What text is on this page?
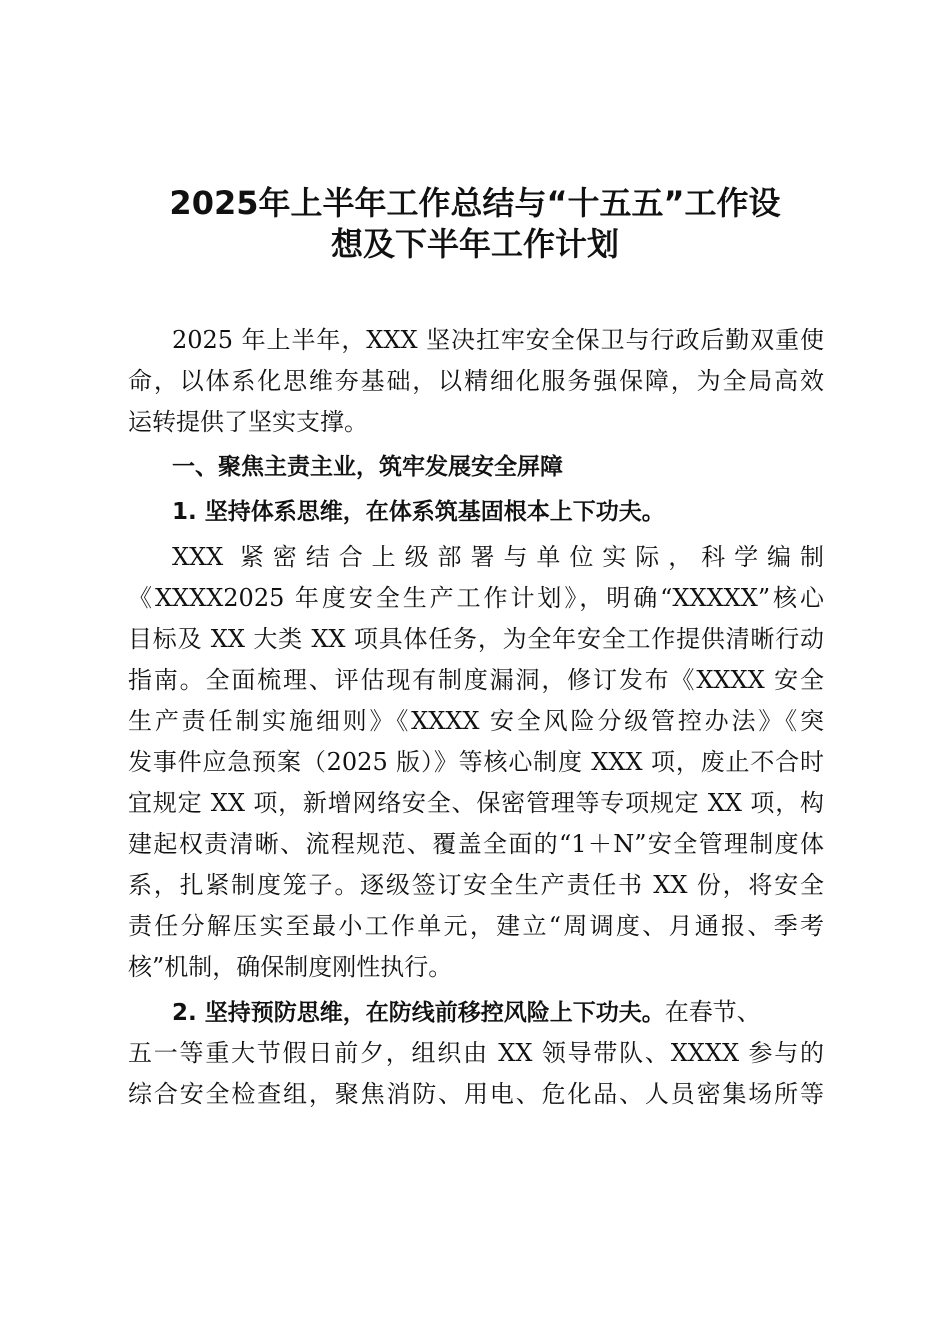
2025年上半年工作总结与“十五五”工作设
想及下半年工作计划
2025 年上半年，XXX 坚决扛牢安全保卫与行政后勤双重使
命，以体系化思维夯基础，以精细化服务强保障，为全局高效
运转提供了坚实支撑。
一、聚焦主责主业，筑牢发展安全屏障
1. 坚持体系思维，在体系筑基固根本上下功夫。
XXX 紧密结合上级部署与单位实际，科学编制
《XXXX2025 年度安全生产工作计划》，明确“XXXXX”核心
目标及 XX 大类 XX 项具体任务，为全年安全工作提供清晰行动
指南。全面梳理、评估现有制度漏洞，修订发布《XXXX 安全
生产责任制实施细则》《XXXX 安全风险分级管控办法》《突
发事件应急预案（2025 版）》等核心制度 XXX 项，废止不合时
宜规定 XX 项，新增网络安全、保密管理等专项规定 XX 项，构
建起权责清晰、流程规范、覆盖全面的“1＋N”安全管理制度体
系，扎紧制度笼子。逐级签订安全生产责任书 XX 份，将安全
责任分解压实至最小工作单元，建立“周调度、月通报、季考
核”机制，确保制度刚性执行。
2. 坚持预防思维，在防线前移控风险上下功夫。在春节、
五一等重大节假日前夕，组织由 XX 领导带队、XXXX 参与的
综合安全检查组，聚焦消防、用电、危化品、人员密集场所等
